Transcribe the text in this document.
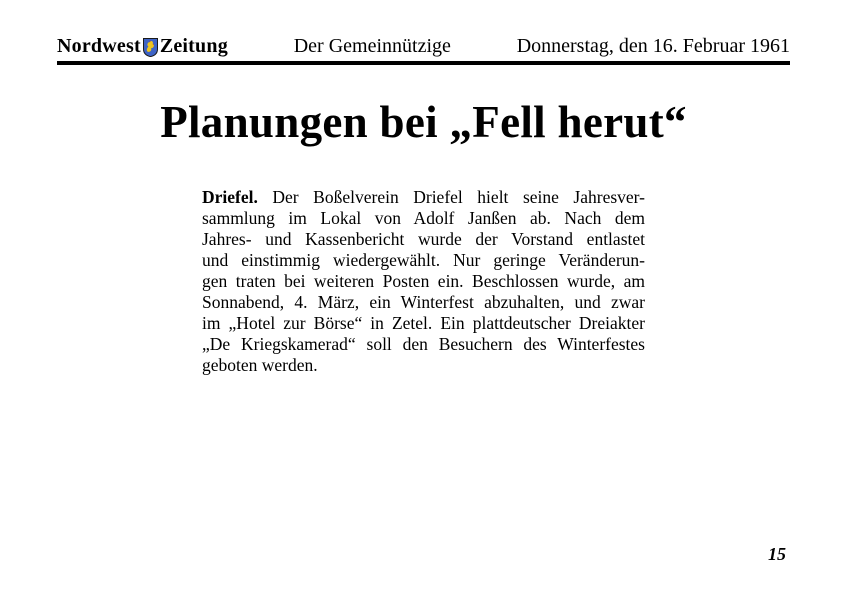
Nordwest Zeitung	Der Gemeinnützige	Donnerstag, den 16. Februar 1961
Planungen bei „Fell herut“
Driefel. Der Boßelverein Driefel hielt seine Jahresver-
sammlung im Lokal von Adolf Janßen ab. Nach dem
Jahres- und Kassenbericht wurde der Vorstand entlastet
und einstimmig wiedergewählt. Nur geringe Veränderun-
gen traten bei weiteren Posten ein. Beschlossen wurde, am
Sonnabend, 4. März, ein Winterfest abzuhalten, und zwar
im „Hotel zur Börse“ in Zetel. Ein plattdeutscher Dreiakter
„De Kriegskamerad“ soll den Besuchern des Winterfestes
geboten werden.
15
